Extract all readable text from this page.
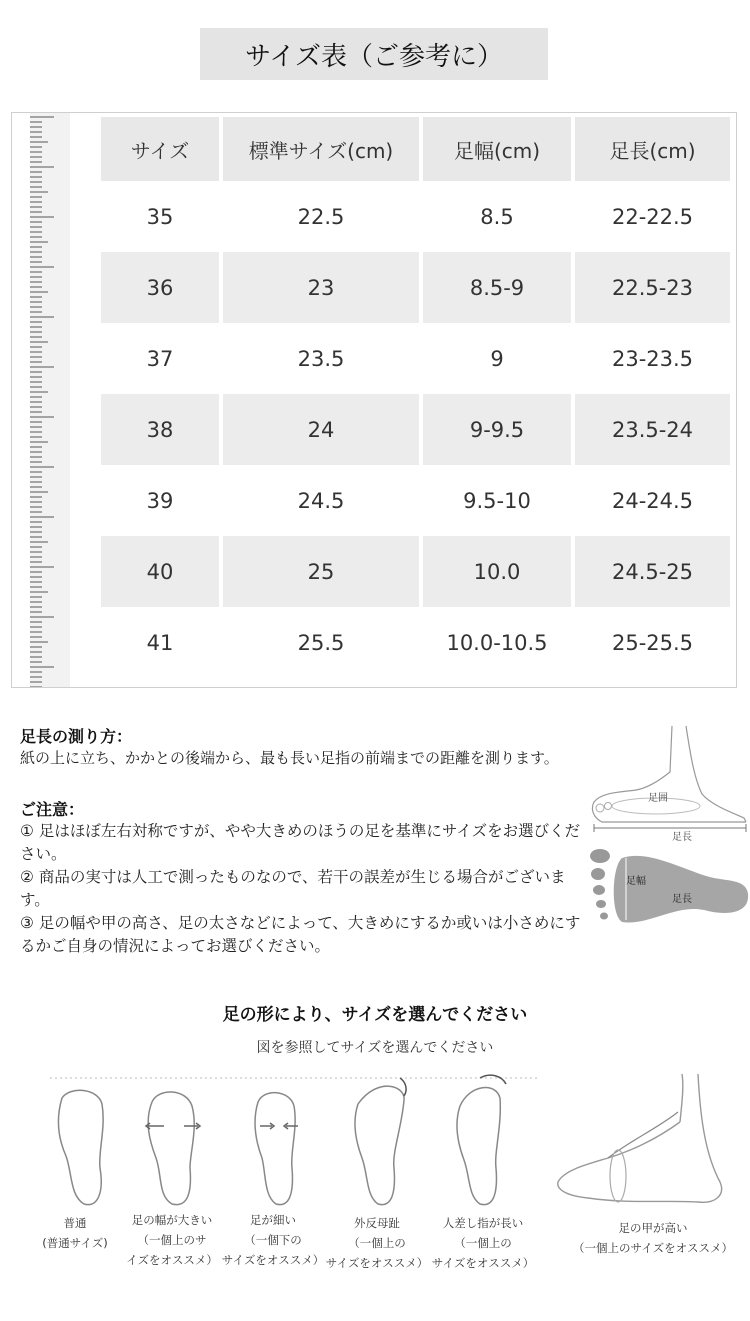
サイズ表（ご参考に）
サイズ	標準サイズ(cm)	足幅(cm)	足長(cm)
35	22.5	8.5	22-22.5
36	23	8.5-9	22.5-23
37	23.5	9	23-23.5
38	24	9-9.5	23.5-24
39	24.5	9.5-10	24-24.5
40	25	10.0	24.5-25
41	25.5	10.0-10.5	25-25.5
足長の測り方：
紙の上に立ち、かかとの後端から、最も長い足指の前端までの距離を測ります。
ご注意：
① 足はほぼ左右対称ですが、やや大きめのほうの足を基準にサイズをお選びください。
② 商品の実寸は人工で測ったものなので、若干の誤差が生じる場合がございます。
③ 足の幅や甲の高さ、足の太さなどによって、大きめにするか或いは小さめにするかご自身の情況によってお選びください。
足囲
足長
足幅
足長
足の形により、サイズを選んでください
図を参照してサイズを選んでください
普通
(普通サイズ)
足の幅が大きい
（一個上のサ
イズをオススメ）
足が細い
（一個下の
サイズをオススメ）
外反母趾
（一個上の
サイズをオススメ）
人差し指が長い
（一個上の
サイズをオススメ）
足の甲が高い
（一個上のサイズをオススメ）
